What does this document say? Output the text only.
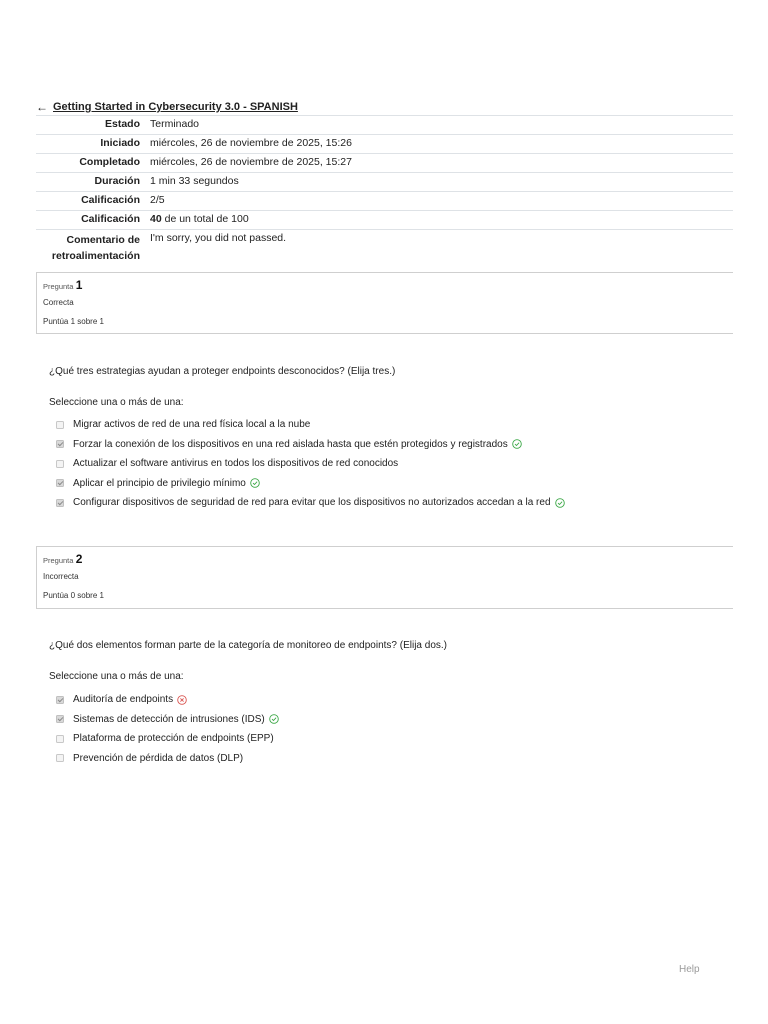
← Getting Started in Cybersecurity 3.0 - SPANISH
Estado	Terminado
Iniciado	miércoles, 26 de noviembre de 2025, 15:26
Completado	miércoles, 26 de noviembre de 2025, 15:27
Duración	1 min 33 segundos
Calificación	2/5
Calificación	40 de un total de 100

Comentario de
retroalimentación	I'm sorry, you did not passed.
Pregunta 1
Correcta
Puntúa 1 sobre 1
¿Qué tres estrategias ayudan a proteger endpoints desconocidos? (Elija tres.)
Seleccione una o más de una:
Migrar activos de red de una red física local a la nube
Forzar la conexión de los dispositivos en una red aislada hasta que estén protegidos y registrados
Actualizar el software antivirus en todos los dispositivos de red conocidos
Aplicar el principio de privilegio mínimo
Configurar dispositivos de seguridad de red para evitar que los dispositivos no autorizados accedan a la red
Pregunta 2
Incorrecta
Puntúa 0 sobre 1
¿Qué dos elementos forman parte de la categoría de monitoreo de endpoints? (Elija dos.)
Seleccione una o más de una:
Auditoría de endpoints
Sistemas de detección de intrusiones (IDS)
Plataforma de protección de endpoints (EPP)
Prevención de pérdida de datos (DLP)
Help
